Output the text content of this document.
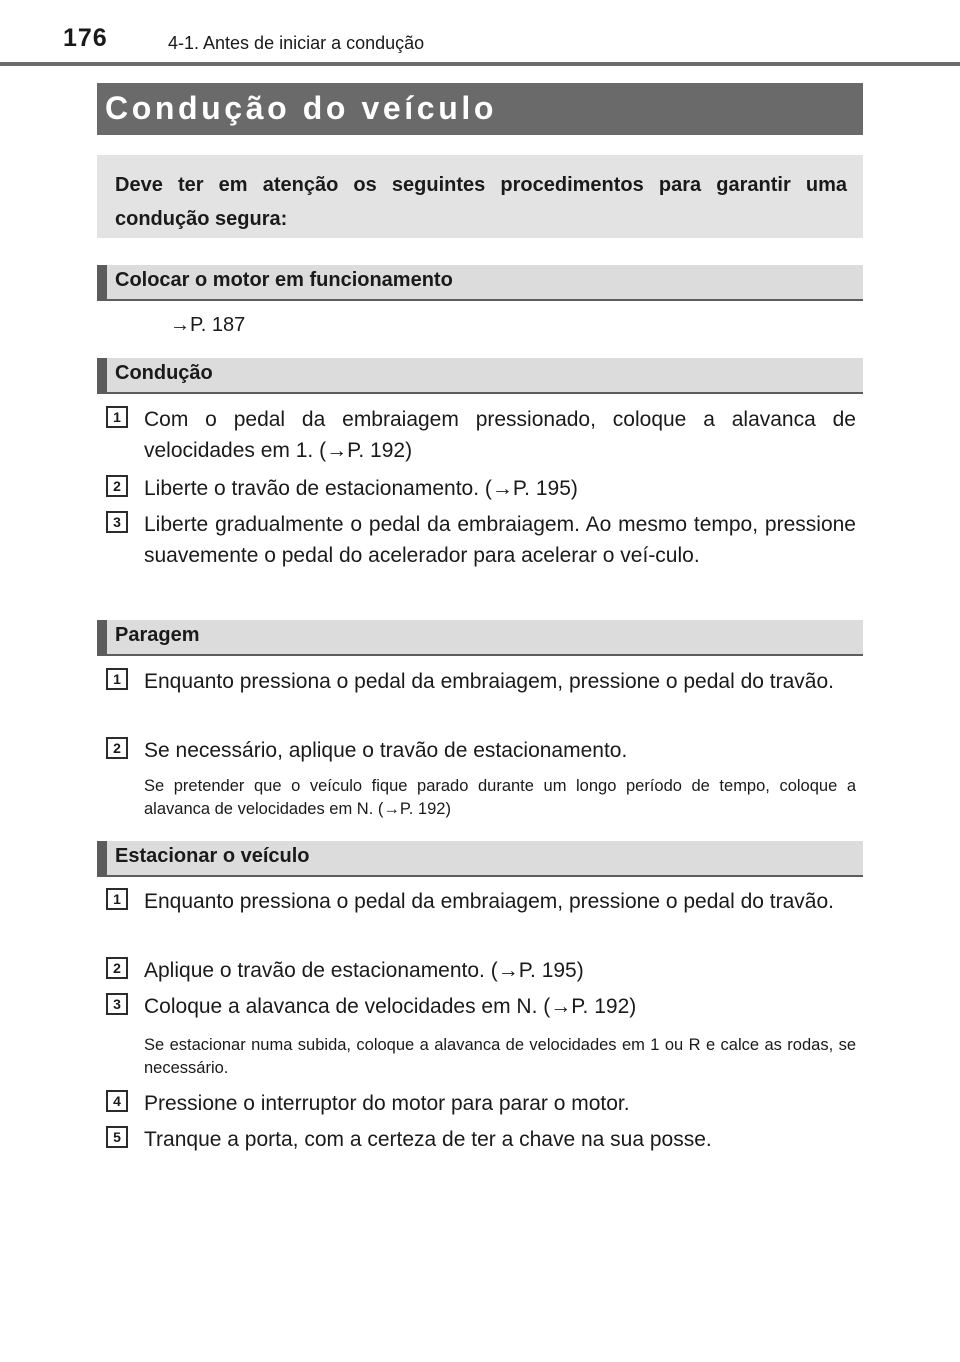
176	4-1. Antes de iniciar a condução
Condução do veículo
Deve ter em atenção os seguintes procedimentos para garantir uma condução segura:
Colocar o motor em funcionamento
→P. 187
Condução
1	Com o pedal da embraiagem pressionado, coloque a alavanca de velocidades em 1. (→P. 192)
2	Liberte o travão de estacionamento. (→P. 195)
3	Liberte gradualmente o pedal da embraiagem. Ao mesmo tempo, pressione suavemente o pedal do acelerador para acelerar o veí-culo.
Paragem
1	Enquanto pressiona o pedal da embraiagem, pressione o pedal do travão.
2	Se necessário, aplique o travão de estacionamento.
Se pretender que o veículo fique parado durante um longo período de tempo, coloque a alavanca de velocidades em N. (→P. 192)
Estacionar o veículo
1	Enquanto pressiona o pedal da embraiagem, pressione o pedal do travão.
2	Aplique o travão de estacionamento. (→P. 195)
3	Coloque a alavanca de velocidades em N. (→P. 192)
Se estacionar numa subida, coloque a alavanca de velocidades em 1 ou R e calce as rodas, se necessário.
4	Pressione o interruptor do motor para parar o motor.
5	Tranque a porta, com a certeza de ter a chave na sua posse.
